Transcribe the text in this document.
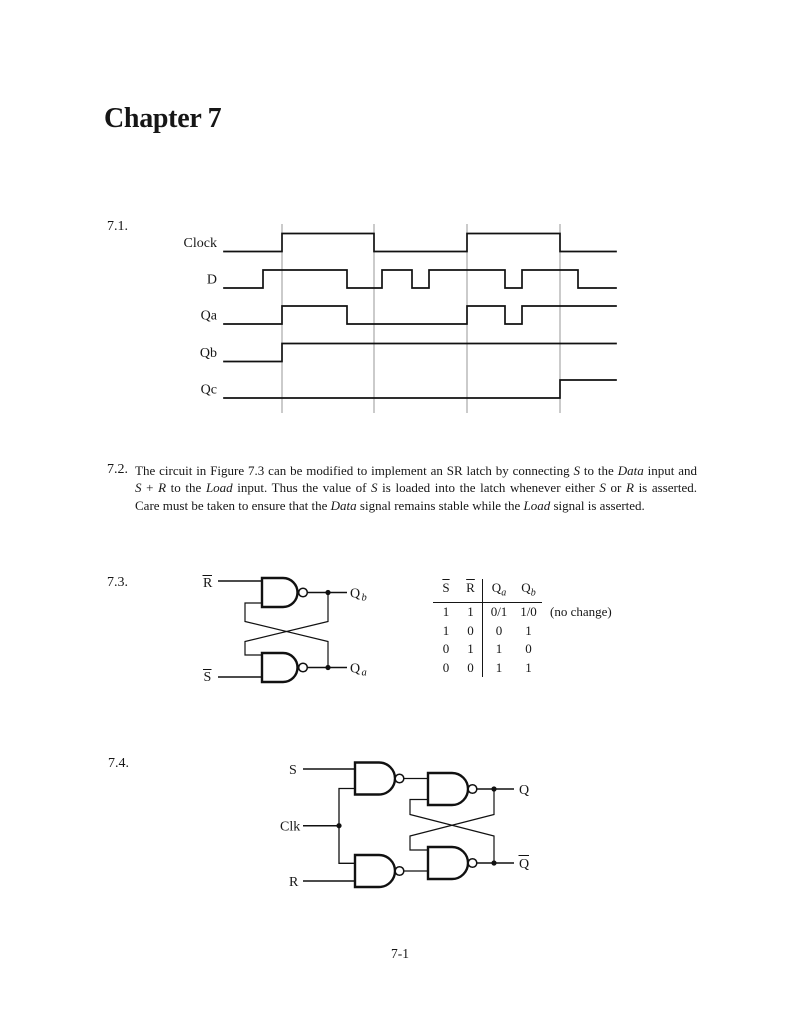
Chapter 7
7.1.
Clock
D
Qa
Qb
Qc
7.2. The circuit in Figure 7.3 can be modified to implement an SR latch by connecting S to the Data input and
S + R to the Load input. Thus the value of S is loaded into the latch whenever either S or R is asserted.
Care must be taken to ensure that the Data signal remains stable while the Load signal is asserted.
7.3.	R
S
Q b
Q a
$\overline{S}$	$\overline{R}$	$Q_a$	$Q_b$	
1	1	0/1	1/0	(no change)
1	0	0	1	
0	1	1	0	
0	0	1	1	
7.4.	S
Clk
R
Q
Q
7-1
